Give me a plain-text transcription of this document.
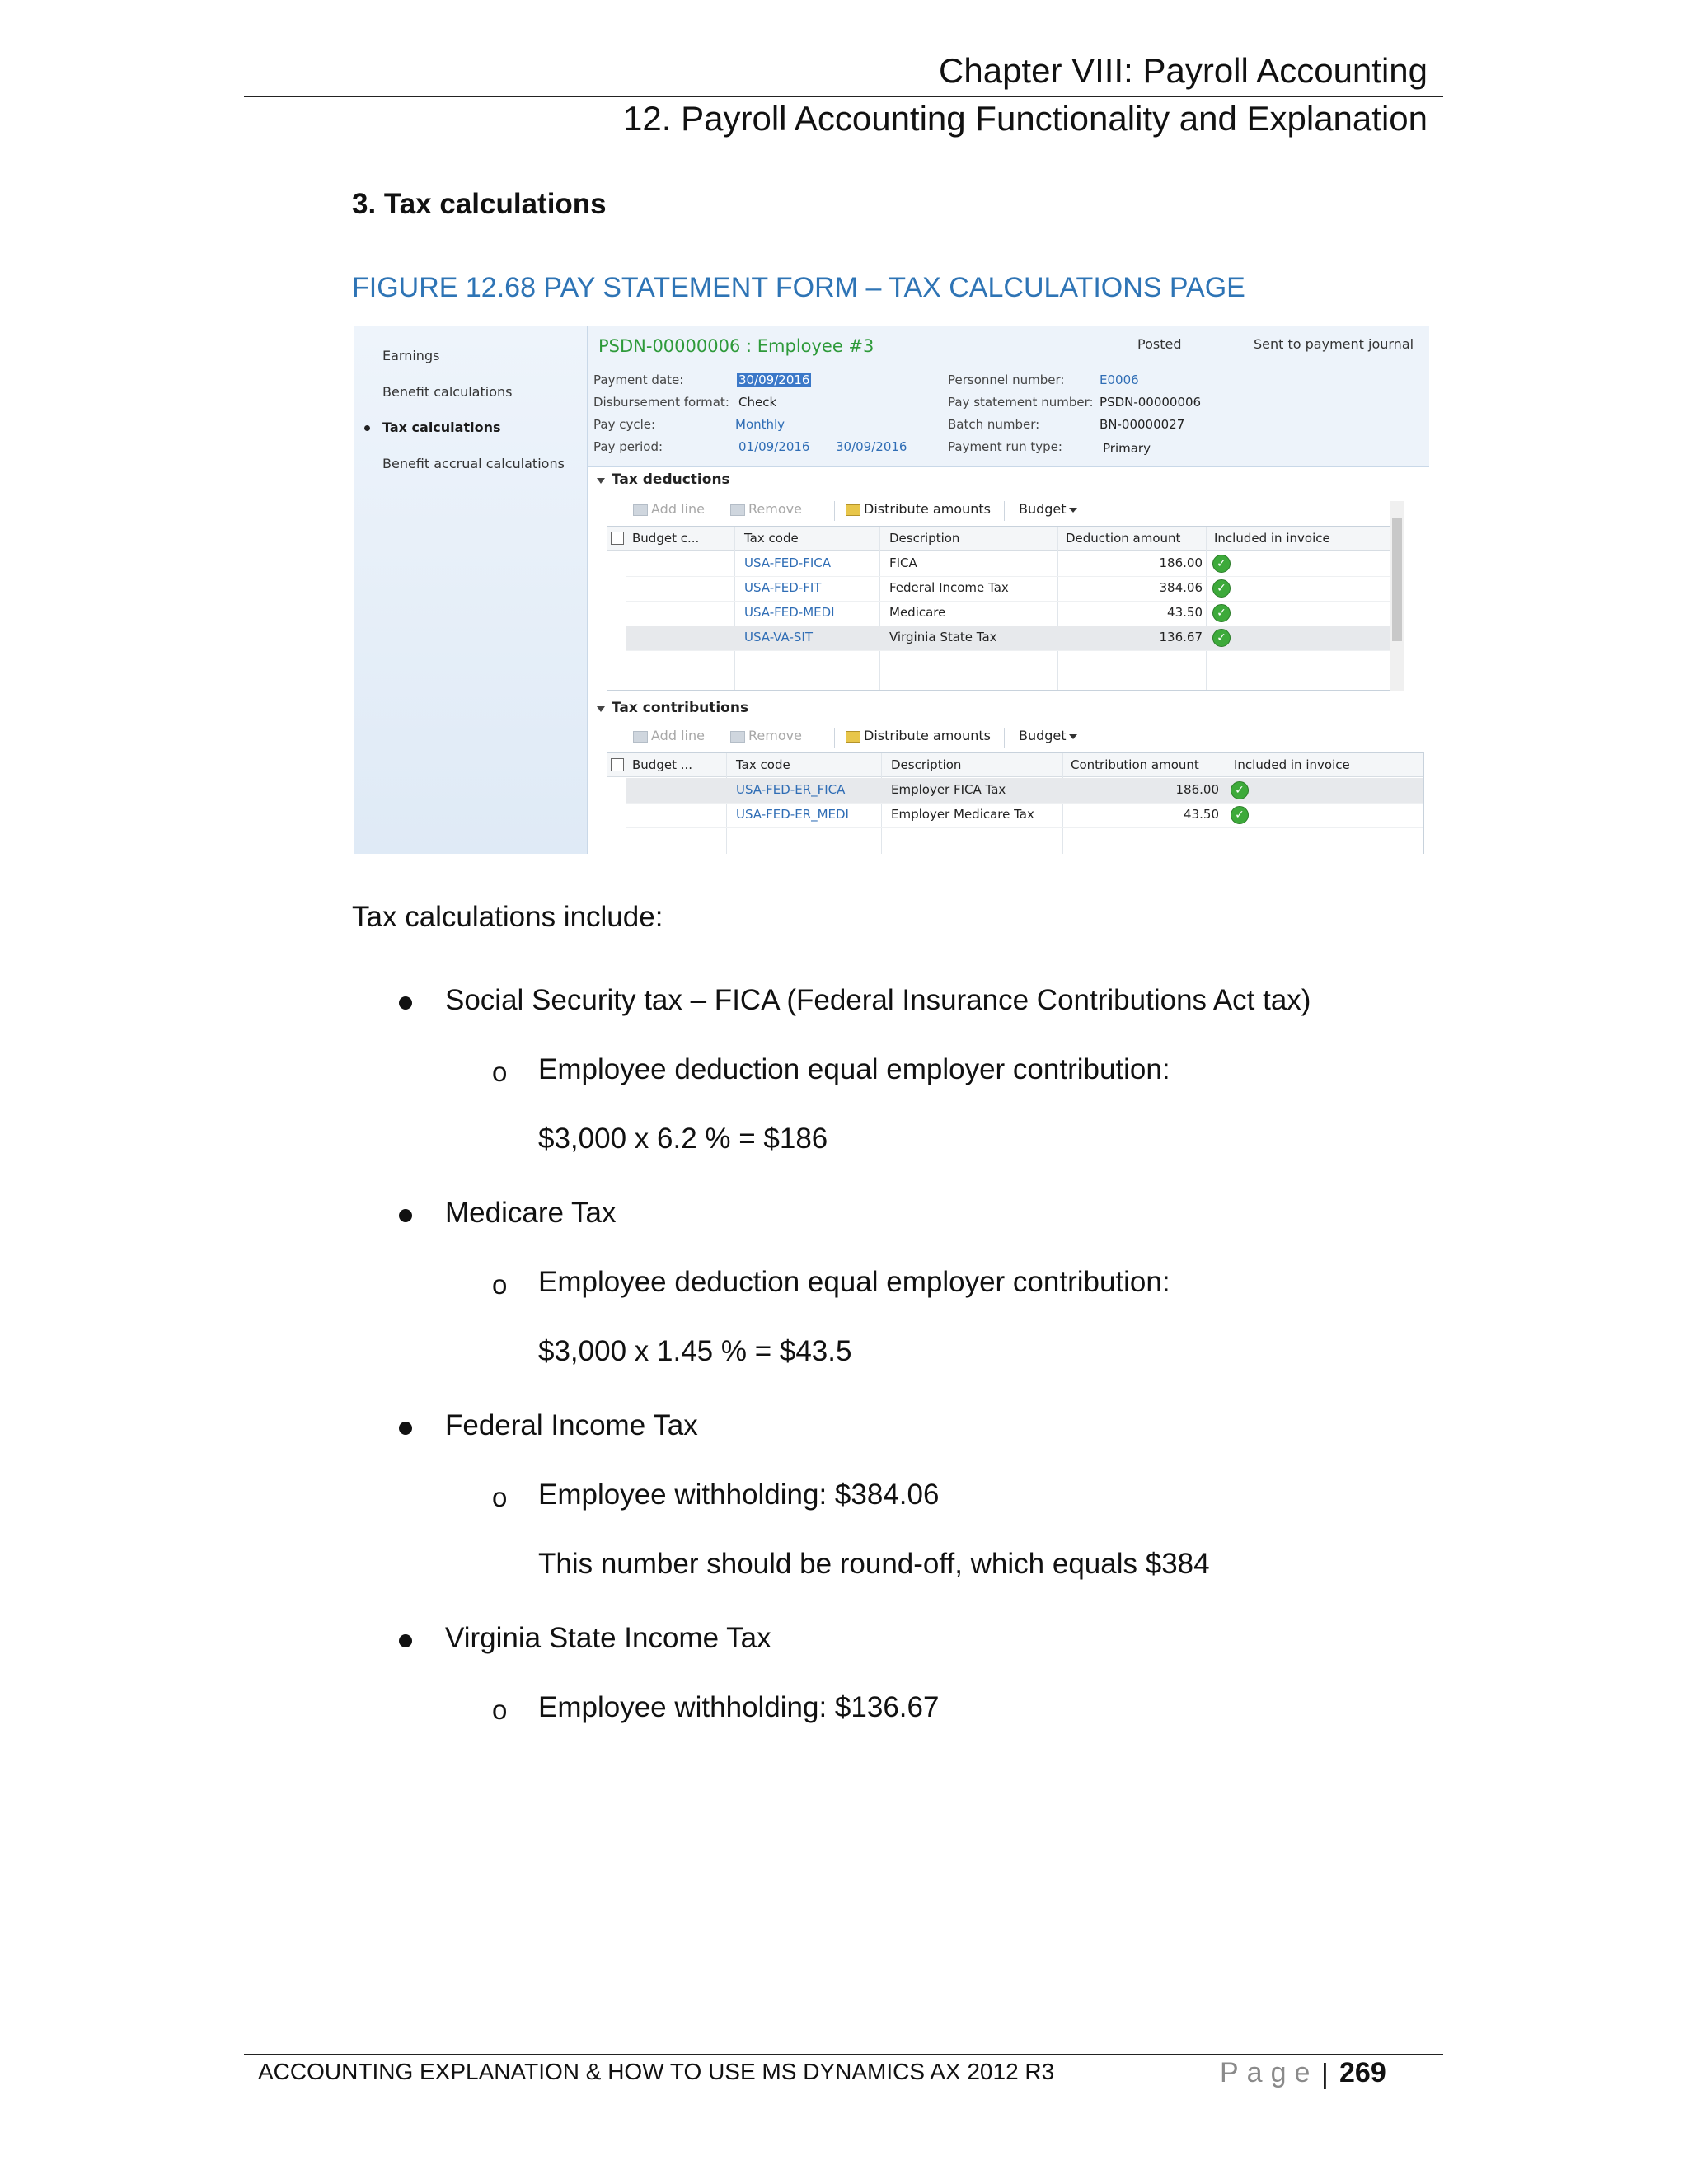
Chapter VIII: Payroll Accounting
12. Payroll Accounting Functionality and Explanation
3. Tax calculations
FIGURE 12.68 PAY STATEMENT FORM – TAX CALCULATIONS PAGE
Earnings
Benefit calculations
Tax calculations
Benefit accrual calculations
PSDN-00000006 : Employee #3	Posted	Sent to payment journal
Payment date:	30/09/2016
Disbursement format: Check
Pay cycle:	Monthly
Pay period:	01/09/2016 30/09/2016
Personnel number:	E0006
Pay statement number: PSDN-00000006
Batch number:	BN-00000027
Payment run type:	Primary
Tax deductions
Add line	Remove	Distribute amounts Budget
Budget c...	Tax code	Description	Deduction amount	Included in invoice
USA-FED-FICA	FICA	186.00	✓
USA-FED-FIT	Federal Income Tax	384.06	✓
USA-FED-MEDI	Medicare	43.50	✓
USA-VA-SIT	Virginia State Tax	136.67	✓
Tax contributions
Add line	Remove	Distribute amounts Budget
Budget ...	Tax code	Description	Contribution amount	Included in invoice
USA-FED-ER_FICA	Employer FICA Tax	186.00	✓
USA-FED-ER_MEDI	Employer Medicare Tax	43.50	✓
Tax calculations include:
Social Security tax – FICA (Federal Insurance Contributions Act tax)
o Employee deduction equal employer contribution:
$3,000 x 6.2 % = $186
Medicare Tax
o Employee deduction equal employer contribution:
$3,000 x 1.45 % = $43.5
Federal Income Tax
o Employee withholding: $384.06
This number should be round-off, which equals $384
Virginia State Income Tax
o Employee withholding: $136.67
ACCOUNTING EXPLANATION & HOW TO USE MS DYNAMICS AX 2012 R3	Page | 269
